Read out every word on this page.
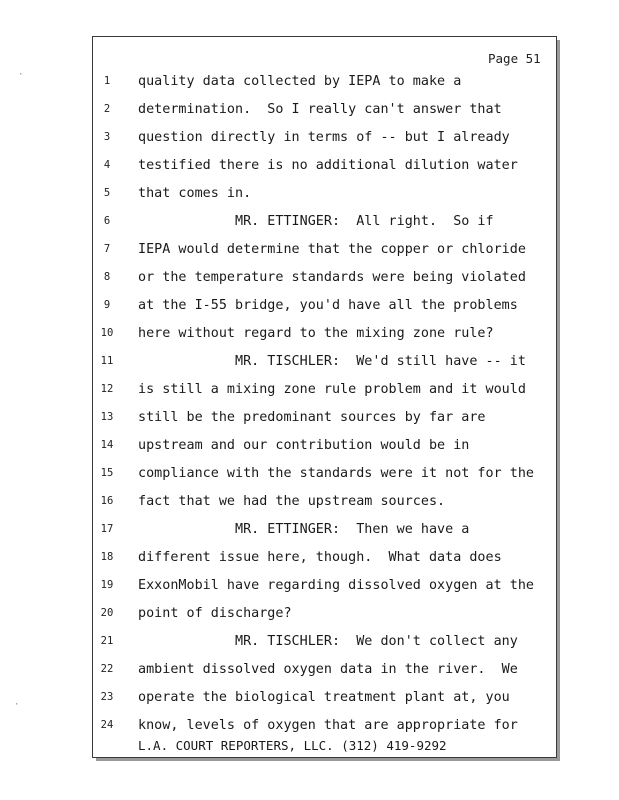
Page 51
1	quality data collected by IEPA to make a
2	determination.  So I really can't answer that
3	question directly in terms of -- but I already
4	testified there is no additional dilution water
5	that comes in.
6	MR. ETTINGER:  All right.  So if
7	IEPA would determine that the copper or chloride
8	or the temperature standards were being violated
9	at the I-55 bridge, you'd have all the problems
10	here without regard to the mixing zone rule?
11	MR. TISCHLER:  We'd still have -- it
12	is still a mixing zone rule problem and it would
13	still be the predominant sources by far are
14	upstream and our contribution would be in
15	compliance with the standards were it not for the
16	fact that we had the upstream sources.
17	MR. ETTINGER:  Then we have a
18	different issue here, though.  What data does
19	ExxonMobil have regarding dissolved oxygen at the
20	point of discharge?
21	MR. TISCHLER:  We don't collect any
22	ambient dissolved oxygen data in the river.  We
23	operate the biological treatment plant at, you
24	know, levels of oxygen that are appropriate for
L.A. COURT REPORTERS, LLC. (312) 419-9292
·
·
